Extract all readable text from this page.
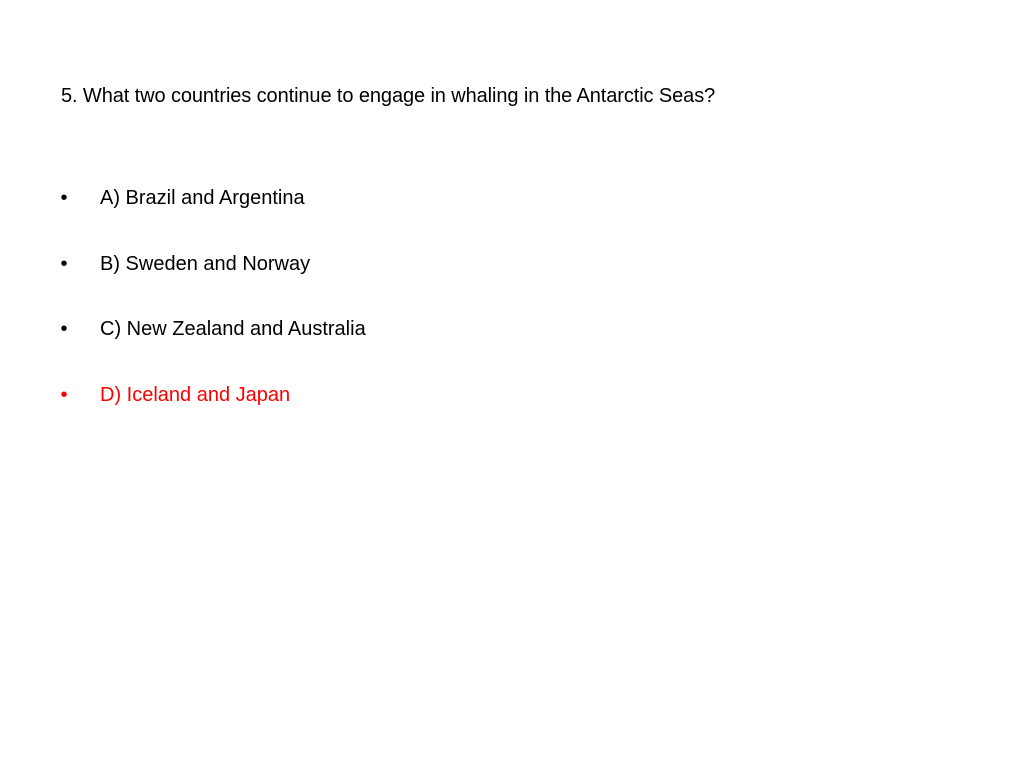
5. What two countries continue to engage in whaling in the Antarctic Seas?
• A) Brazil and Argentina
• B) Sweden and Norway
• C) New Zealand and Australia
• D) Iceland and Japan
